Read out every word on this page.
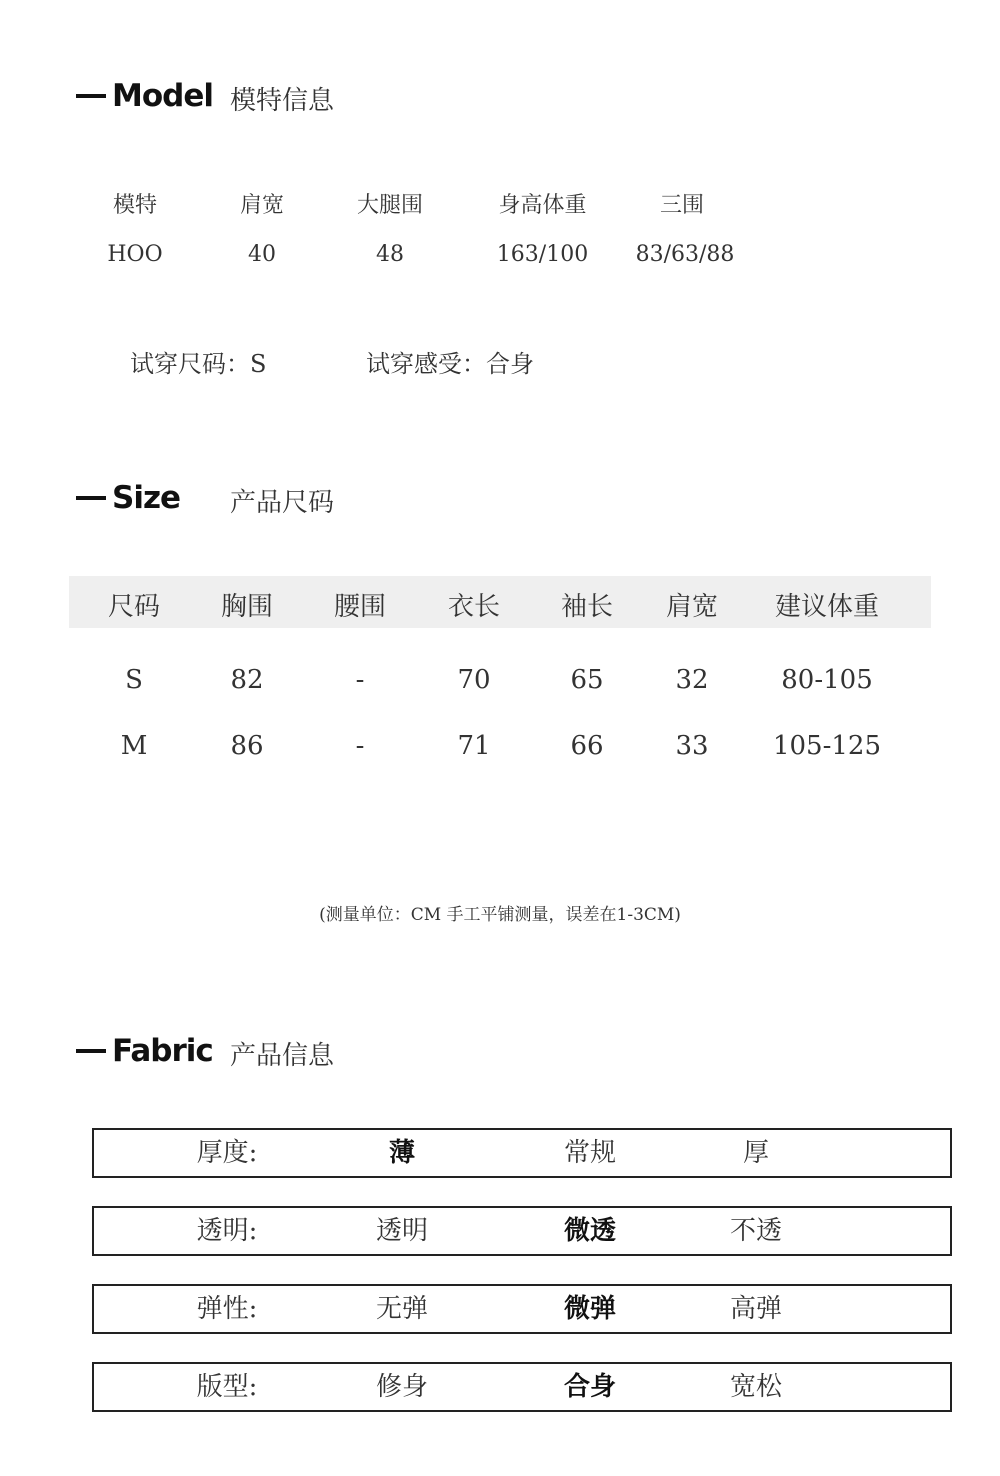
Model 模特信息
模特	肩宽	大腿围	身高体重	三围
HOO	40	48	163/100	83/63/88
试穿尺码：S	试穿感受：合身
Size 产品尺码
尺码 胸围 腰围 衣长 袖长 肩宽 建议体重
S	82	-	70	65	32	80-105
M	86	-	71	66	33 105-125
(测量单位：CM 手工平铺测量，误差在1-3CM)
Fabric 产品信息
厚度:	薄	常规	厚
透明:	透明	微透	不透
弹性:	无弹	微弹	高弹
版型:	修身	合身	宽松
